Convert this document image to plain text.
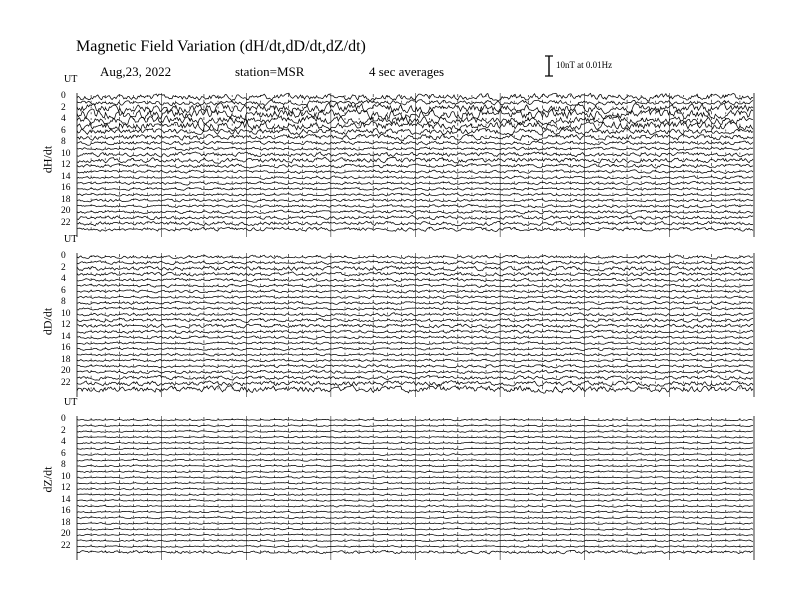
Magnetic Field Variation (dH/dt,dD/dt,dZ/dt)
Aug,23, 2022	station=MSR	4 sec averages	10nT at 0.01Hz
UT
dH/dt
0
2
4
6
8
10
12
14
16
18
20
22
UT
dD/dt
0
2
4
6
8
10
12
14
16
18
20
22
UT
dZ/dt
0
2
4
6
8
10
12
14
16
18
20
22
